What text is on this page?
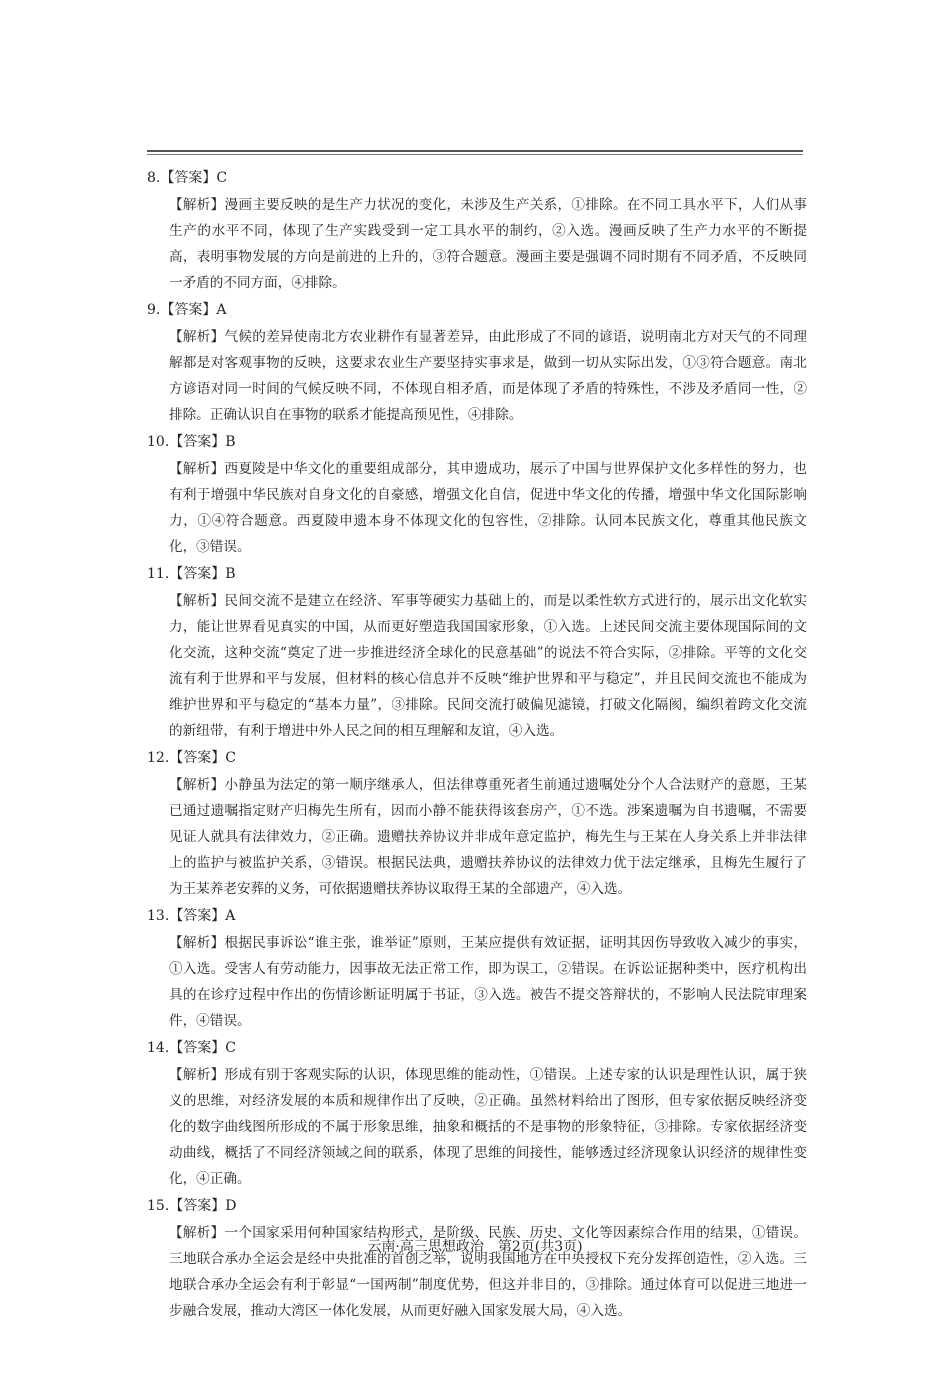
8.【答案】C
【解析】漫画主要反映的是生产力状况的变化，未涉及生产关系，①排除。在不同工具水平下，人们从事生产的水平不同，体现了生产实践受到一定工具水平的制约，②入选。漫画反映了生产力水平的不断提高，表明事物发展的方向是前进的上升的，③符合题意。漫画主要是强调不同时期有不同矛盾，不反映同一矛盾的不同方面，④排除。
9.【答案】A
【解析】气候的差异使南北方农业耕作有显著差异，由此形成了不同的谚语，说明南北方对天气的不同理解都是对客观事物的反映，这要求农业生产要坚持实事求是，做到一切从实际出发，①③符合题意。南北方谚语对同一时间的气候反映不同，不体现自相矛盾，而是体现了矛盾的特殊性，不涉及矛盾同一性，②排除。正确认识自在事物的联系才能提高预见性，④排除。
10.【答案】B
【解析】西夏陵是中华文化的重要组成部分，其申遗成功，展示了中国与世界保护文化多样性的努力，也有利于增强中华民族对自身文化的自豪感，增强文化自信，促进中华文化的传播，增强中华文化国际影响力，①④符合题意。西夏陵申遗本身不体现文化的包容性，②排除。认同本民族文化，尊重其他民族文化，③错误。
11.【答案】B
【解析】民间交流不是建立在经济、军事等硬实力基础上的，而是以柔性软方式进行的，展示出文化软实力，能让世界看见真实的中国，从而更好塑造我国国家形象，①入选。上述民间交流主要体现国际间的文化交流，这种交流“奠定了进一步推进经济全球化的民意基础”的说法不符合实际，②排除。平等的文化交流有利于世界和平与发展，但材料的核心信息并不反映“维护世界和平与稳定”，并且民间交流也不能成为维护世界和平与稳定的“基本力量”，③排除。民间交流打破偏见滤镜，打破文化隔阂，编织着跨文化交流的新纽带，有利于增进中外人民之间的相互理解和友谊，④入选。
12.【答案】C
【解析】小静虽为法定的第一顺序继承人，但法律尊重死者生前通过遗嘱处分个人合法财产的意愿，王某已通过遗嘱指定财产归梅先生所有，因而小静不能获得该套房产，①不选。涉案遗嘱为自书遗嘱，不需要见证人就具有法律效力，②正确。遗赠扶养协议并非成年意定监护，梅先生与王某在人身关系上并非法律上的监护与被监护关系，③错误。根据民法典，遗赠扶养协议的法律效力优于法定继承，且梅先生履行了为王某养老安葬的义务，可依据遗赠扶养协议取得王某的全部遗产，④入选。
13.【答案】A
【解析】根据民事诉讼“谁主张，谁举证”原则，王某应提供有效证据，证明其因伤导致收入减少的事实，①入选。受害人有劳动能力，因事故无法正常工作，即为误工，②错误。在诉讼证据种类中，医疗机构出具的在诊疗过程中作出的伤情诊断证明属于书证，③入选。被告不提交答辩状的，不影响人民法院审理案件，④错误。
14.【答案】C
【解析】形成有别于客观实际的认识，体现思维的能动性，①错误。上述专家的认识是理性认识，属于狭义的思维，对经济发展的本质和规律作出了反映，②正确。虽然材料给出了图形，但专家依据反映经济变化的数字曲线图所形成的不属于形象思维，抽象和概括的不是事物的形象特征，③排除。专家依据经济变动曲线，概括了不同经济领域之间的联系，体现了思维的间接性，能够透过经济现象认识经济的规律性变化，④正确。
15.【答案】D
【解析】一个国家采用何种国家结构形式，是阶级、民族、历史、文化等因素综合作用的结果，①错误。三地联合承办全运会是经中央批准的首创之举，说明我国地方在中央授权下充分发挥创造性，②入选。三地联合承办全运会有利于彰显“一国两制”制度优势，但这并非目的，③排除。通过体育可以促进三地进一步融合发展，推动大湾区一体化发展，从而更好融入国家发展大局，④入选。
云南·高三思想政治　第2页(共3页)
